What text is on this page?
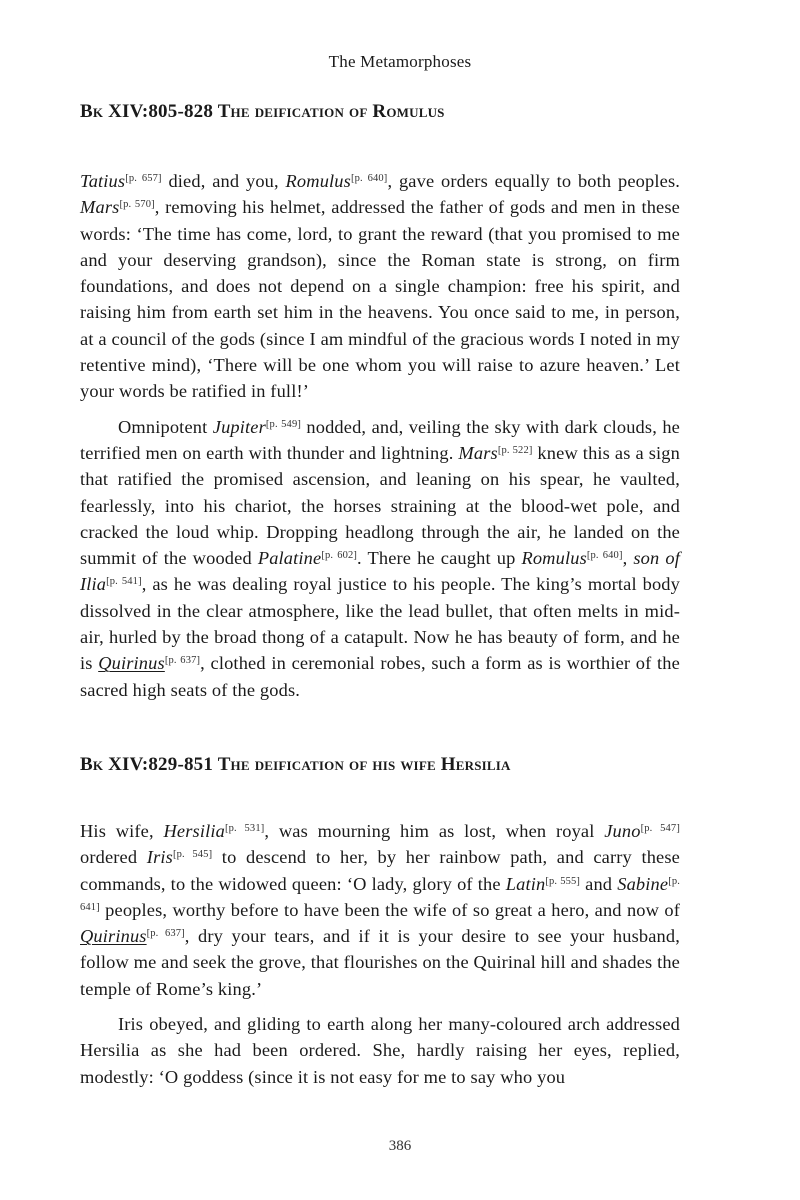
The Metamorphoses
Bk XIV:805-828 The deification of Romulus

Tatius[p. 657] died, and you, Romulus[p. 640], gave orders equally to both peoples. Mars[p. 570], removing his helmet, addressed the father of gods and men in these words: ‘The time has come, lord, to grant the reward (that you promised to me and your deserving grandson), since the Roman state is strong, on firm foundations, and does not depend on a single champion: free his spirit, and raising him from earth set him in the heavens. You once said to me, in person, at a council of the gods (since I am mindful of the gracious words I noted in my retentive mind), ‘There will be one whom you will raise to azure heaven.’ Let your words be ratified in full!’

Omnipotent Jupiter[p. 549] nodded, and, veiling the sky with dark clouds, he terrified men on earth with thunder and lightning. Mars[p. 522] knew this as a sign that ratified the promised ascension, and leaning on his spear, he vaulted, fearlessly, into his chariot, the horses straining at the blood-wet pole, and cracked the loud whip. Dropping headlong through the air, he landed on the summit of the wooded Palatine[p. 602]. There he caught up Romulus[p. 640], son of Ilia[p. 541], as he was dealing royal justice to his people. The king’s mortal body dissolved in the clear atmosphere, like the lead bullet, that often melts in mid-air, hurled by the broad thong of a catapult. Now he has beauty of form, and he is Quirinus[p. 637], clothed in ceremonial robes, such a form as is worthier of the sacred high seats of the gods.

Bk XIV:829-851 The deification of his wife Hersilia

His wife, Hersilia[p. 531], was mourning him as lost, when royal Juno[p. 547] ordered Iris[p. 545] to descend to her, by her rainbow path, and carry these commands, to the widowed queen: ‘O lady, glory of the Latin[p. 555] and Sabine[p. 641] peoples, worthy before to have been the wife of so great a hero, and now of Quirinus[p. 637], dry your tears, and if it is your desire to see your husband, follow me and seek the grove, that flourishes on the Quirinal hill and shades the temple of Rome’s king.’

Iris obeyed, and gliding to earth along her many-coloured arch addressed Hersilia as she had been ordered. She, hardly raising her eyes, replied, modestly: ‘O goddess (since it is not easy for me to say who you

386
